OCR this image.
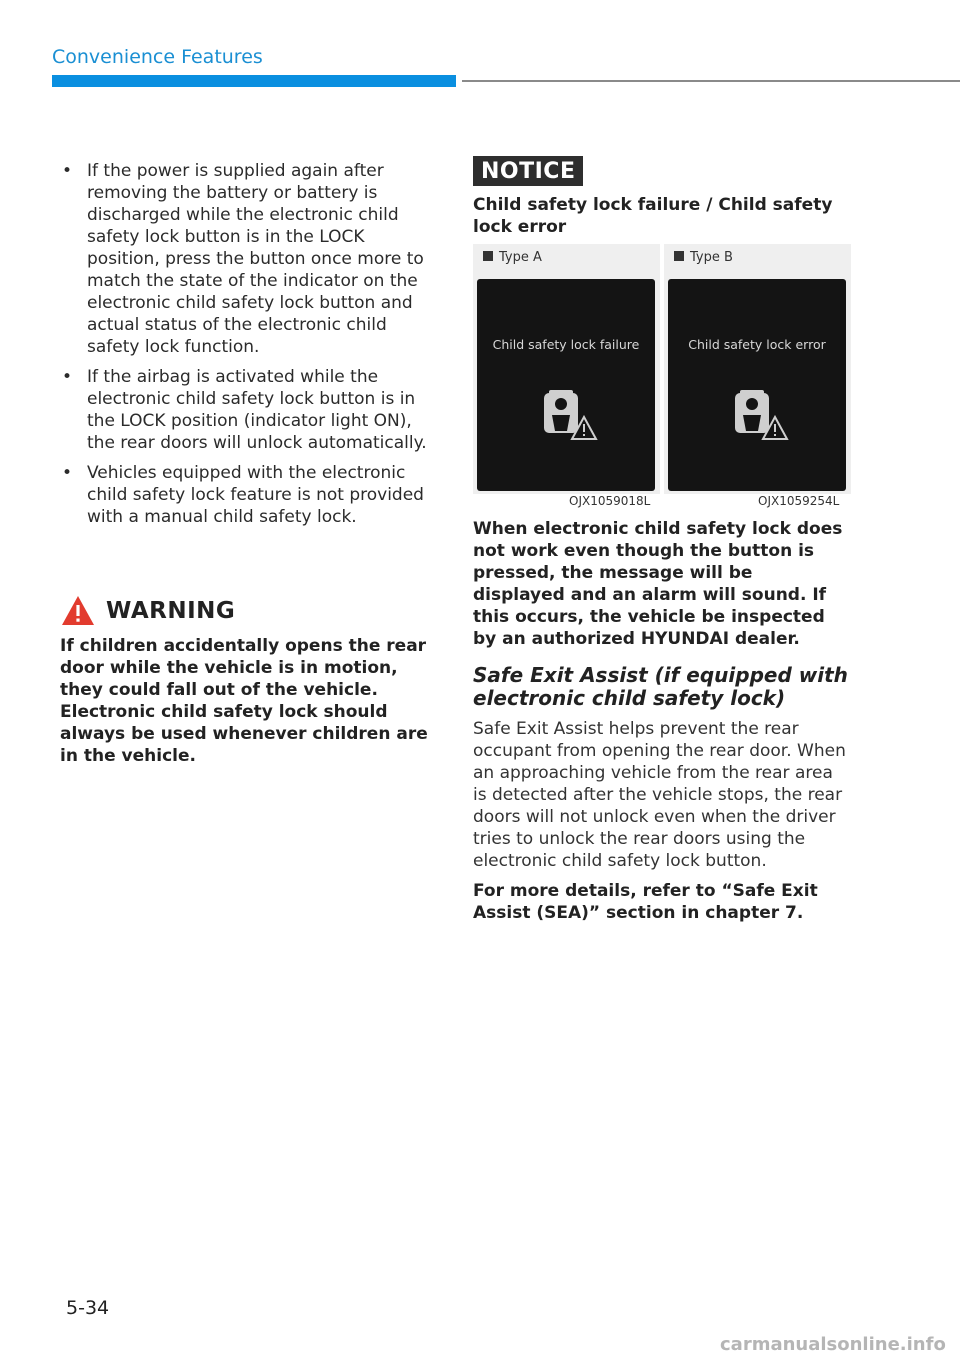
Convenience Features
• If the power is supplied again after removing the battery or battery is discharged while the electronic child safety lock button is in the LOCK position, press the button once more to match the state of the indicator on the electronic child safety lock button and actual status of the electronic child safety lock function.
• If the airbag is activated while the electronic child safety lock button is in the LOCK position (indicator light ON), the rear doors will unlock automatically.
• Vehicles equipped with the electronic child safety lock feature is not provided with a manual child safety lock.
WARNING
If children accidentally opens the rear door while the vehicle is in motion, they could fall out of the vehicle. Electronic child safety lock should always be used whenever children are in the vehicle.
NOTICE
Child safety lock failure / Child safety lock error
Type A
Child safety lock failure
Type B
Child safety lock error
OJX1059018L	OJX1059254L
When electronic child safety lock does not work even though the button is pressed, the message will be displayed and an alarm will sound. If this occurs, the vehicle be inspected by an authorized HYUNDAI dealer.
Safe Exit Assist (if equipped with electronic child safety lock)
Safe Exit Assist helps prevent the rear occupant from opening the rear door. When an approaching vehicle from the rear area is detected after the vehicle stops, the rear doors will not unlock even when the driver tries to unlock the rear doors using the electronic child safety lock button.
For more details, refer to “Safe Exit Assist (SEA)” section in chapter 7.
5-34
carmanualsonline.info
